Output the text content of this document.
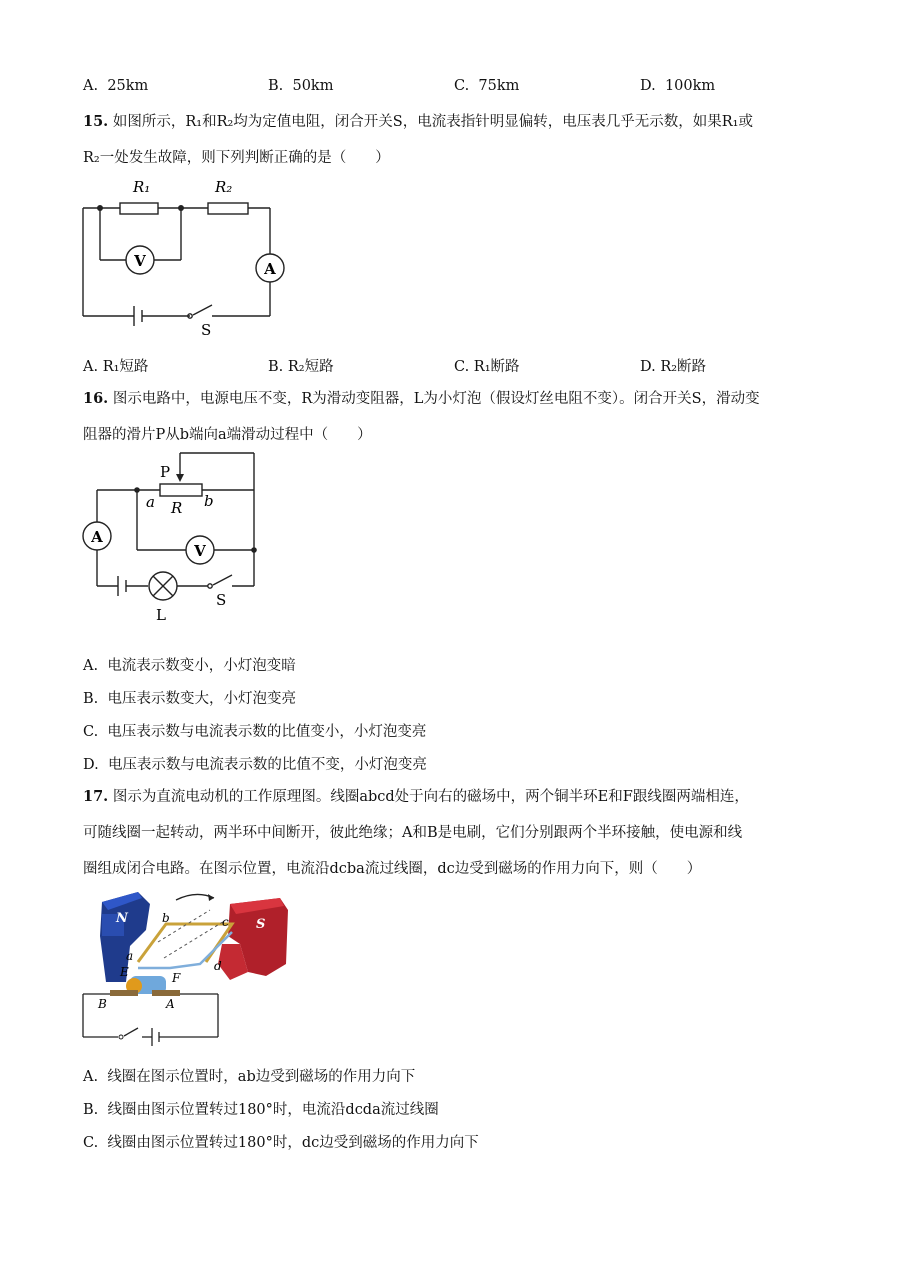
A. 25km	B. 50km	C. 75km	D. 100km
15. 如图所示，R₁和R₂均为定值电阻，闭合开关S，电流表指针明显偏转，电压表几乎无示数，如果R₁或
R₂一处发生故障，则下列判断正确的是（　　）
R₁	R₂
V	A
S
A. R₁短路	B. R₂短路	C. R₁断路	D. R₂断路
16. 图示电路中，电源电压不变，R为滑动变阻器，L为小灯泡（假设灯丝电阻不变）。闭合开关S，滑动变
阻器的滑片P从b端向a端滑动过程中（　　）
P
a R b
A
V
L
S
A. 电流表示数变小，小灯泡变暗
B. 电压表示数变大，小灯泡变亮
C. 电压表示数与电流表示数的比值变小，小灯泡变亮
D. 电压表示数与电流表示数的比值不变，小灯泡变亮
17. 图示为直流电动机的工作原理图。线圈abcd处于向右的磁场中，两个铜半环E和F跟线圈两端相连，
可随线圈一起转动，两半环中间断开，彼此绝缘；A和B是电刷，它们分别跟两个半环接触，使电源和线
圈组成闭合电路。在图示位置，电流沿dcba流过线圈，dc边受到磁场的作用力向下，则（　　）
N	S
b	c
a
d
E	F
B	A
A. 线圈在图示位置时，ab边受到磁场的作用力向下
B. 线圈由图示位置转过180°时，电流沿dcda流过线圈
C. 线圈由图示位置转过180°时，dc边受到磁场的作用力向下
